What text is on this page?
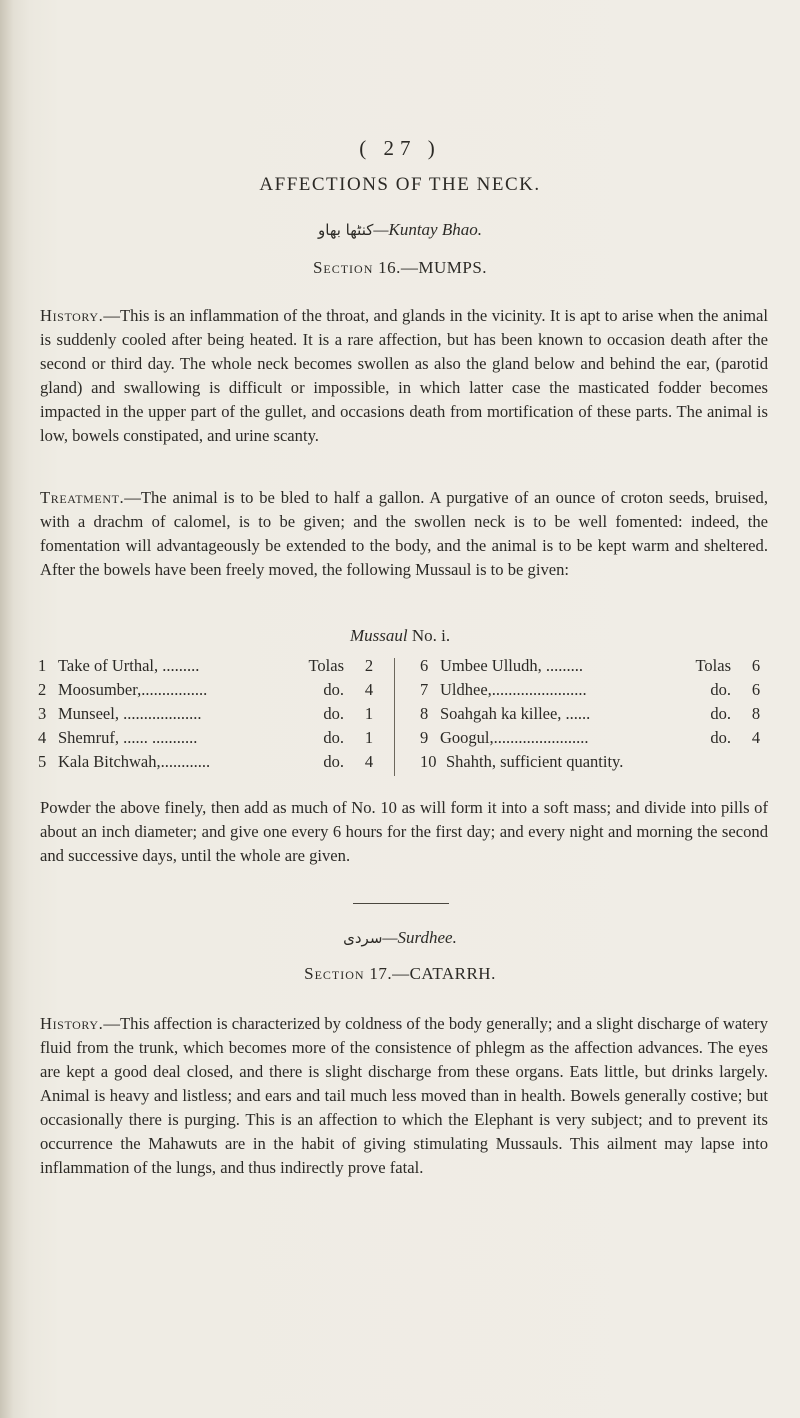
( 27 )
AFFECTIONS OF THE NECK.
کنٹھا بهاو—Kuntay Bhao.
Section 16.—MUMPS.
History.—This is an inflammation of the throat, and glands in the vicinity. It is apt to arise when the animal is suddenly cooled after being heated. It is a rare affection, but has been known to occasion death after the second or third day. The whole neck becomes swollen as also the gland below and behind the ear, (parotid gland) and swallowing is difficult or impossible, in which latter case the masticated fodder becomes impacted in the upper part of the gullet, and occasions death from mortification of these parts. The animal is low, bowels constipated, and urine scanty.
Treatment.—The animal is to be bled to half a gallon. A purgative of an ounce of croton seeds, bruised, with a drachm of calomel, is to be given; and the swollen neck is to be well fomented: indeed, the fomentation will advantageously be extended to the body, and the animal is to be kept warm and sheltered. After the bowels have been freely moved, the following Mussaul is to be given:
Mussaul No. i.
1 Take of Urthal, .........	Tolas 2
2 Moosumber,................	do. 4
3 Munseel, ...................	do. 1
4 Shemruf, ...... ...........	do. 1
5 Kala Bitchwah,............	do. 4
6 Umbee Ulludh, .........	Tolas 6
7 Uldhee,.......................	do. 6
8 Soahgah ka killee, ......	do. 8
9 Googul,.......................	do. 4
10 Shahth, sufficient quantity.
Powder the above finely, then add as much of No. 10 as will form it into a soft mass; and divide into pills of about an inch diameter; and give one every 6 hours for the first day; and every night and morning the second and successive days, until the whole are given.
سردی—Surdhee.
Section 17.—CATARRH.
History.—This affection is characterized by coldness of the body generally; and a slight discharge of watery fluid from the trunk, which becomes more of the consistence of phlegm as the affection advances. The eyes are kept a good deal closed, and there is slight discharge from these organs. Eats little, but drinks largely. Animal is heavy and listless; and ears and tail much less moved than in health. Bowels generally costive; but occasionally there is purging. This is an affection to which the Elephant is very subject; and to prevent its occurrence the Mahawuts are in the habit of giving stimulating Mussauls. This ailment may lapse into inflammation of the lungs, and thus indirectly prove fatal.
